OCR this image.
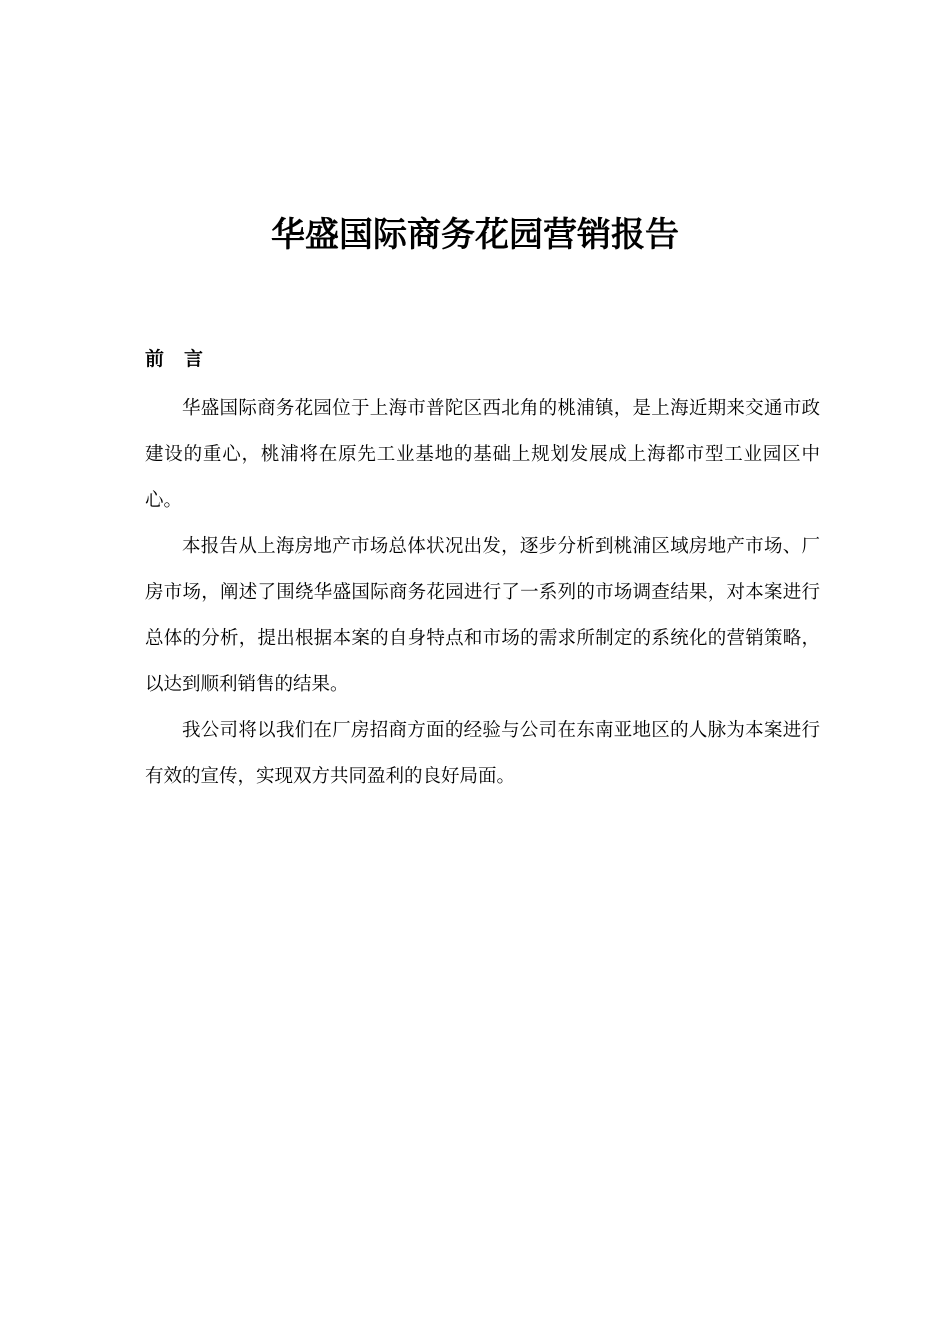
华盛国际商务花园营销报告
前 言

华盛国际商务花园位于上海市普陀区西北角的桃浦镇，是上海近期来交通市政建设的重心，桃浦将在原先工业基地的基础上规划发展成上海都市型工业园区中心。

本报告从上海房地产市场总体状况出发，逐步分析到桃浦区域房地产市场、厂房市场，阐述了围绕华盛国际商务花园进行了一系列的市场调查结果，对本案进行总体的分析，提出根据本案的自身特点和市场的需求所制定的系统化的营销策略，以达到顺利销售的结果。

我公司将以我们在厂房招商方面的经验与公司在东南亚地区的人脉为本案进行有效的宣传，实现双方共同盈利的良好局面。
